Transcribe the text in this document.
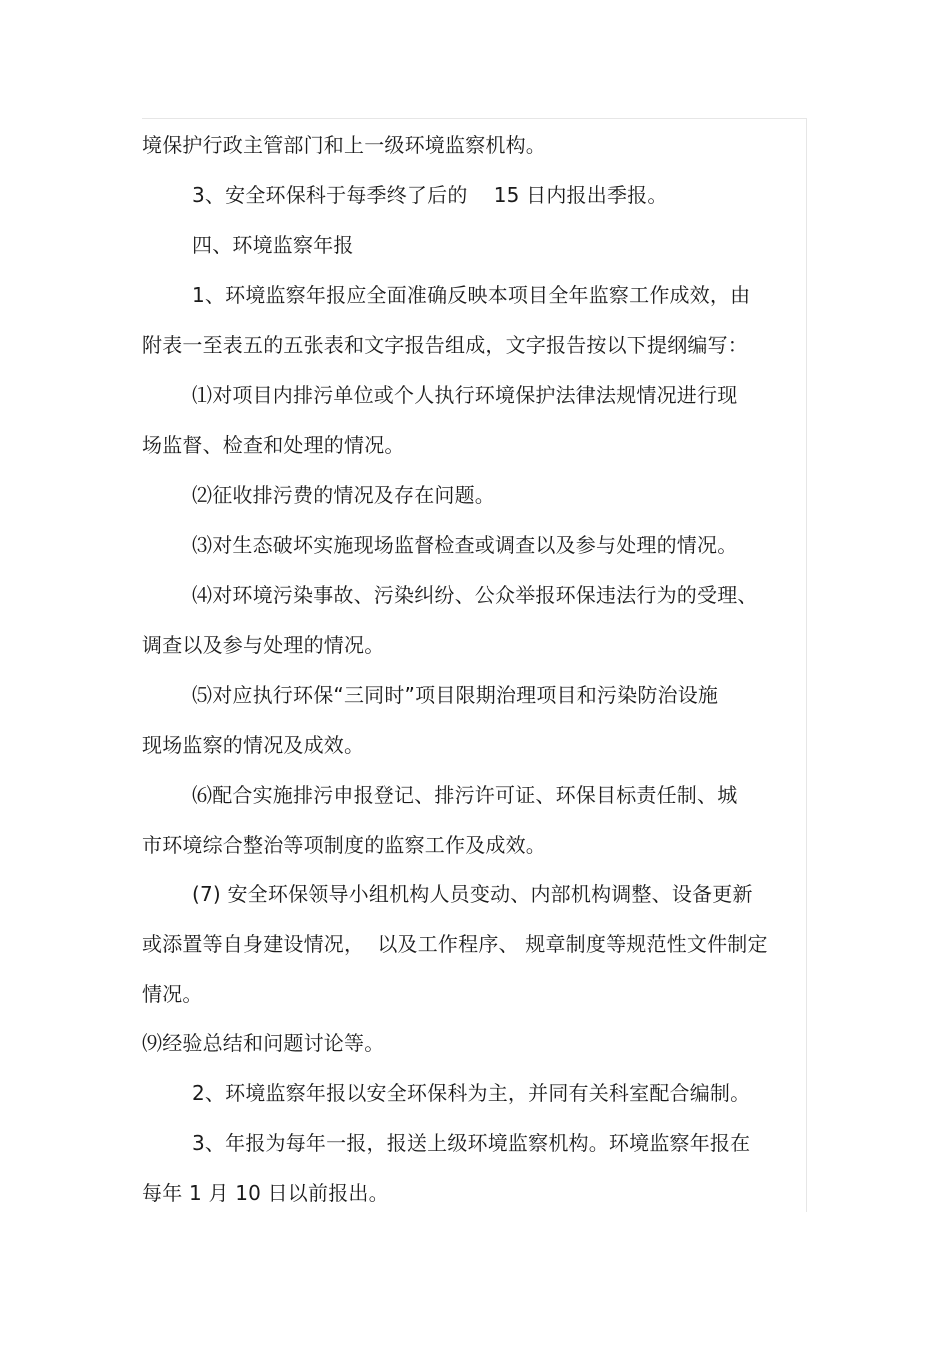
境保护行政主管部门和上一级环境监察机构。
3、安全环保科于每季终了后的    15 日内报出季报。
四、环境监察年报
1、环境监察年报应全面准确反映本项目全年监察工作成效，由
附表一至表五的五张表和文字报告组成，文字报告按以下提纲编写：
⑴对项目内排污单位或个人执行环境保护法律法规情况进行现
场监督、检查和处理的情况。
⑵征收排污费的情况及存在问题。
⑶对生态破坏实施现场监督检查或调查以及参与处理的情况。
⑷对环境污染事故、污染纠纷、公众举报环保违法行为的受理、
调查以及参与处理的情况。
⑸对应执行环保“三同时”项目限期治理项目和污染防治设施
现场监察的情况及成效。
⑹配合实施排污申报登记、排污许可证、环保目标责任制、城
市环境综合整治等项制度的监察工作及成效。
(7) 安全环保领导小组机构人员变动、内部机构调整、设备更新
或添置等自身建设情况，  以及工作程序、 规章制度等规范性文件制定
情况。
⑼经验总结和问题讨论等。
2、环境监察年报以安全环保科为主，并同有关科室配合编制。
3、年报为每年一报，报送上级环境监察机构。环境监察年报在
每年 1 月 10 日以前报出。
